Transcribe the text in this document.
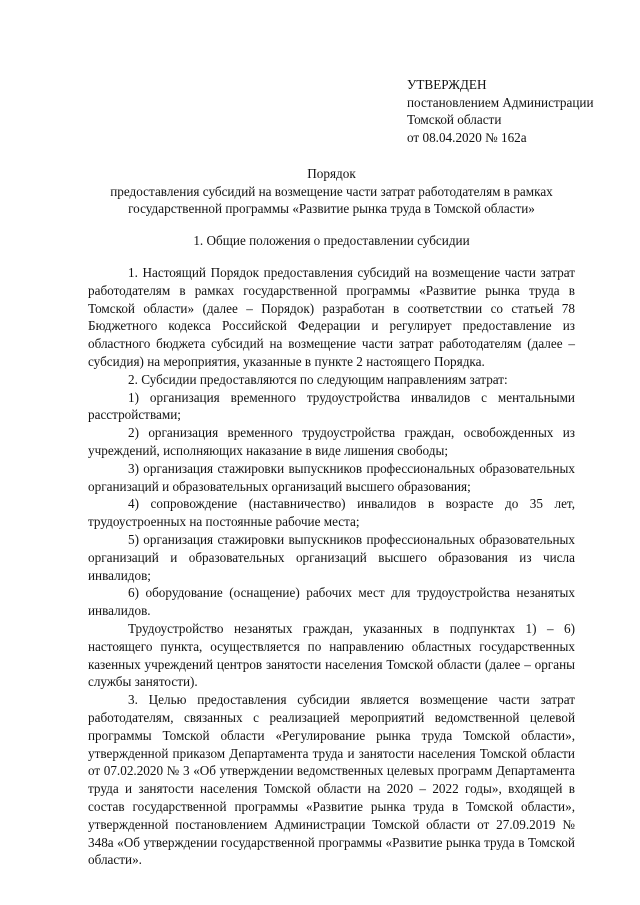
УТВЕРЖДЕН
постановлением Администрации
Томской области
от 08.04.2020 № 162а
Порядок
предоставления субсидий на возмещение части затрат работодателям в рамках
государственной программы «Развитие рынка труда в Томской области»
1. Общие положения о предоставлении субсидии

1. Настоящий Порядок предоставления субсидий на возмещение части затрат работодателям в рамках государственной программы «Развитие рынка труда в Томской области» (далее – Порядок) разработан в соответствии со статьей 78 Бюджетного кодекса Российской Федерации и регулирует предоставление из областного бюджета субсидий на возмещение части затрат работодателям (далее – субсидия) на мероприятия, указанные в пункте 2 настоящего Порядка.

2. Субсидии предоставляются по следующим направлениям затрат:

1) организация временного трудоустройства инвалидов с ментальными расстройствами;

2) организация временного трудоустройства граждан, освобожденных из учреждений, исполняющих наказание в виде лишения свободы;

3) организация стажировки выпускников профессиональных образовательных организаций и образовательных организаций высшего образования;

4) сопровождение (наставничество) инвалидов в возрасте до 35 лет, трудоустроенных на постоянные рабочие места;

5) организация стажировки выпускников профессиональных образовательных организаций и образовательных организаций высшего образования из числа инвалидов;

6) оборудование (оснащение) рабочих мест для трудоустройства незанятых инвалидов.

Трудоустройство незанятых граждан, указанных в подпунктах 1) – 6) настоящего пункта, осуществляется по направлению областных государственных казенных учреждений центров занятости населения Томской области (далее – органы службы занятости).

3. Целью предоставления субсидии является возмещение части затрат работодателям, связанных с реализацией мероприятий ведомственной целевой программы Томской области «Регулирование рынка труда Томской области», утвержденной приказом Департамента труда и занятости населения Томской области от 07.02.2020 № 3 «Об утверждении ведомственных целевых программ Департамента труда и занятости населения Томской области на 2020 – 2022 годы», входящей в состав государственной программы «Развитие рынка труда в Томской области», утвержденной постановлением Администрации Томской области от 27.09.2019 № 348а «Об утверждении государственной программы «Развитие рынка труда в Томской области».
